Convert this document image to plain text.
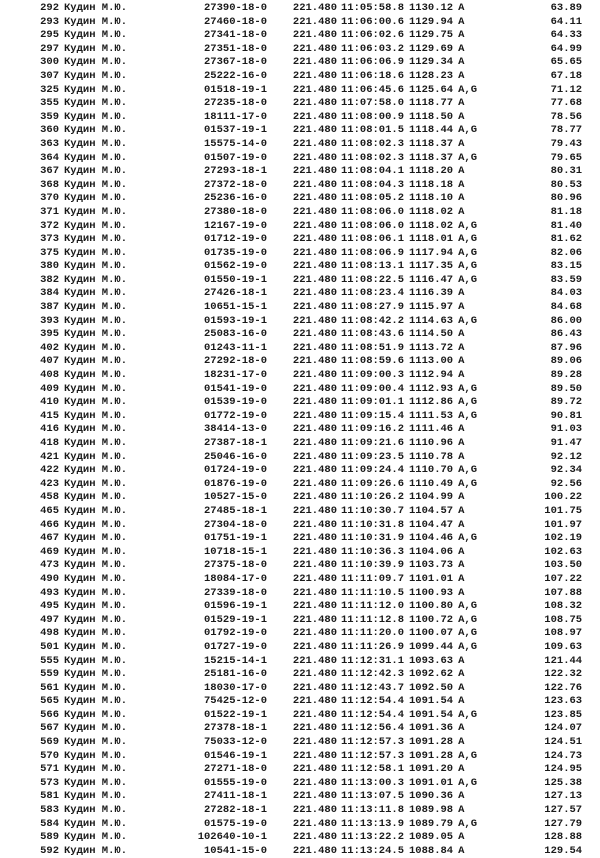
292	Кудин М.Ю.	27390-18-0	221.480	11:05:58.8	1130.12	A	63.89
293	Кудин М.Ю.	27460-18-0	221.480	11:06:00.6	1129.94	A	64.11
295	Кудин М.Ю.	27341-18-0	221.480	11:06:02.6	1129.75	A	64.33
297	Кудин М.Ю.	27351-18-0	221.480	11:06:03.2	1129.69	A	64.99
300	Кудин М.Ю.	27367-18-0	221.480	11:06:06.9	1129.34	A	65.65
307	Кудин М.Ю.	25222-16-0	221.480	11:06:18.6	1128.23	A	67.18
325	Кудин М.Ю.	01518-19-1	221.480	11:06:45.6	1125.64	A,G	71.12
355	Кудин М.Ю.	27235-18-0	221.480	11:07:58.0	1118.77	A	77.68
359	Кудин М.Ю.	18111-17-0	221.480	11:08:00.9	1118.50	A	78.56
360	Кудин М.Ю.	01537-19-1	221.480	11:08:01.5	1118.44	A,G	78.77
363	Кудин М.Ю.	15575-14-0	221.480	11:08:02.3	1118.37	A	79.43
364	Кудин М.Ю.	01507-19-0	221.480	11:08:02.3	1118.37	A,G	79.65
367	Кудин М.Ю.	27293-18-1	221.480	11:08:04.1	1118.20	A	80.31
368	Кудин М.Ю.	27372-18-0	221.480	11:08:04.3	1118.18	A	80.53
370	Кудин М.Ю.	25236-16-0	221.480	11:08:05.2	1118.10	A	80.96
371	Кудин М.Ю.	27380-18-0	221.480	11:08:06.0	1118.02	A	81.18
372	Кудин М.Ю.	12167-19-0	221.480	11:08:06.0	1118.02	A,G	81.40
373	Кудин М.Ю.	01712-19-0	221.480	11:08:06.1	1118.01	A,G	81.62
375	Кудин М.Ю.	01735-19-0	221.480	11:08:06.9	1117.94	A,G	82.06
380	Кудин М.Ю.	01562-19-0	221.480	11:08:13.1	1117.35	A,G	83.15
382	Кудин М.Ю.	01550-19-1	221.480	11:08:22.5	1116.47	A,G	83.59
384	Кудин М.Ю.	27426-18-1	221.480	11:08:23.4	1116.39	A	84.03
387	Кудин М.Ю.	10651-15-1	221.480	11:08:27.9	1115.97	A	84.68
393	Кудин М.Ю.	01593-19-1	221.480	11:08:42.2	1114.63	A,G	86.00
395	Кудин М.Ю.	25083-16-0	221.480	11:08:43.6	1114.50	A	86.43
402	Кудин М.Ю.	01243-11-1	221.480	11:08:51.9	1113.72	A	87.96
407	Кудин М.Ю.	27292-18-0	221.480	11:08:59.6	1113.00	A	89.06
408	Кудин М.Ю.	18231-17-0	221.480	11:09:00.3	1112.94	A	89.28
409	Кудин М.Ю.	01541-19-0	221.480	11:09:00.4	1112.93	A,G	89.50
410	Кудин М.Ю.	01539-19-0	221.480	11:09:01.1	1112.86	A,G	89.72
415	Кудин М.Ю.	01772-19-0	221.480	11:09:15.4	1111.53	A,G	90.81
416	Кудин М.Ю.	38414-13-0	221.480	11:09:16.2	1111.46	A	91.03
418	Кудин М.Ю.	27387-18-1	221.480	11:09:21.6	1110.96	A	91.47
421	Кудин М.Ю.	25046-16-0	221.480	11:09:23.5	1110.78	A	92.12
422	Кудин М.Ю.	01724-19-0	221.480	11:09:24.4	1110.70	A,G	92.34
423	Кудин М.Ю.	01876-19-0	221.480	11:09:26.6	1110.49	A,G	92.56
458	Кудин М.Ю.	10527-15-0	221.480	11:10:26.2	1104.99	A	100.22
465	Кудин М.Ю.	27485-18-1	221.480	11:10:30.7	1104.57	A	101.75
466	Кудин М.Ю.	27304-18-0	221.480	11:10:31.8	1104.47	A	101.97
467	Кудин М.Ю.	01751-19-1	221.480	11:10:31.9	1104.46	A,G	102.19
469	Кудин М.Ю.	10718-15-1	221.480	11:10:36.3	1104.06	A	102.63
473	Кудин М.Ю.	27375-18-0	221.480	11:10:39.9	1103.73	A	103.50
490	Кудин М.Ю.	18084-17-0	221.480	11:11:09.7	1101.01	A	107.22
493	Кудин М.Ю.	27339-18-0	221.480	11:11:10.5	1100.93	A	107.88
495	Кудин М.Ю.	01596-19-1	221.480	11:11:12.0	1100.80	A,G	108.32
497	Кудин М.Ю.	01529-19-1	221.480	11:11:12.8	1100.72	A,G	108.75
498	Кудин М.Ю.	01792-19-0	221.480	11:11:20.0	1100.07	A,G	108.97
501	Кудин М.Ю.	01727-19-0	221.480	11:11:26.9	1099.44	A,G	109.63
555	Кудин М.Ю.	15215-14-1	221.480	11:12:31.1	1093.63	A	121.44
559	Кудин М.Ю.	25181-16-0	221.480	11:12:42.3	1092.62	A	122.32
561	Кудин М.Ю.	18030-17-0	221.480	11:12:43.7	1092.50	A	122.76
565	Кудин М.Ю.	75425-12-0	221.480	11:12:54.4	1091.54	A	123.63
566	Кудин М.Ю.	01522-19-1	221.480	11:12:54.4	1091.54	A,G	123.85
567	Кудин М.Ю.	27378-18-1	221.480	11:12:56.4	1091.36	A	124.07
569	Кудин М.Ю.	75033-12-0	221.480	11:12:57.3	1091.28	A	124.51
570	Кудин М.Ю.	01546-19-1	221.480	11:12:57.3	1091.28	A,G	124.73
571	Кудин М.Ю.	27271-18-0	221.480	11:12:58.1	1091.20	A	124.95
573	Кудин М.Ю.	01555-19-0	221.480	11:13:00.3	1091.01	A,G	125.38
581	Кудин М.Ю.	27411-18-1	221.480	11:13:07.5	1090.36	A	127.13
583	Кудин М.Ю.	27282-18-1	221.480	11:13:11.8	1089.98	A	127.57
584	Кудин М.Ю.	01575-19-0	221.480	11:13:13.9	1089.79	A,G	127.79
589	Кудин М.Ю.	102640-10-1	221.480	11:13:22.2	1089.05	A	128.88
592	Кудин М.Ю.	10541-15-0	221.480	11:13:24.5	1088.84	A	129.54
